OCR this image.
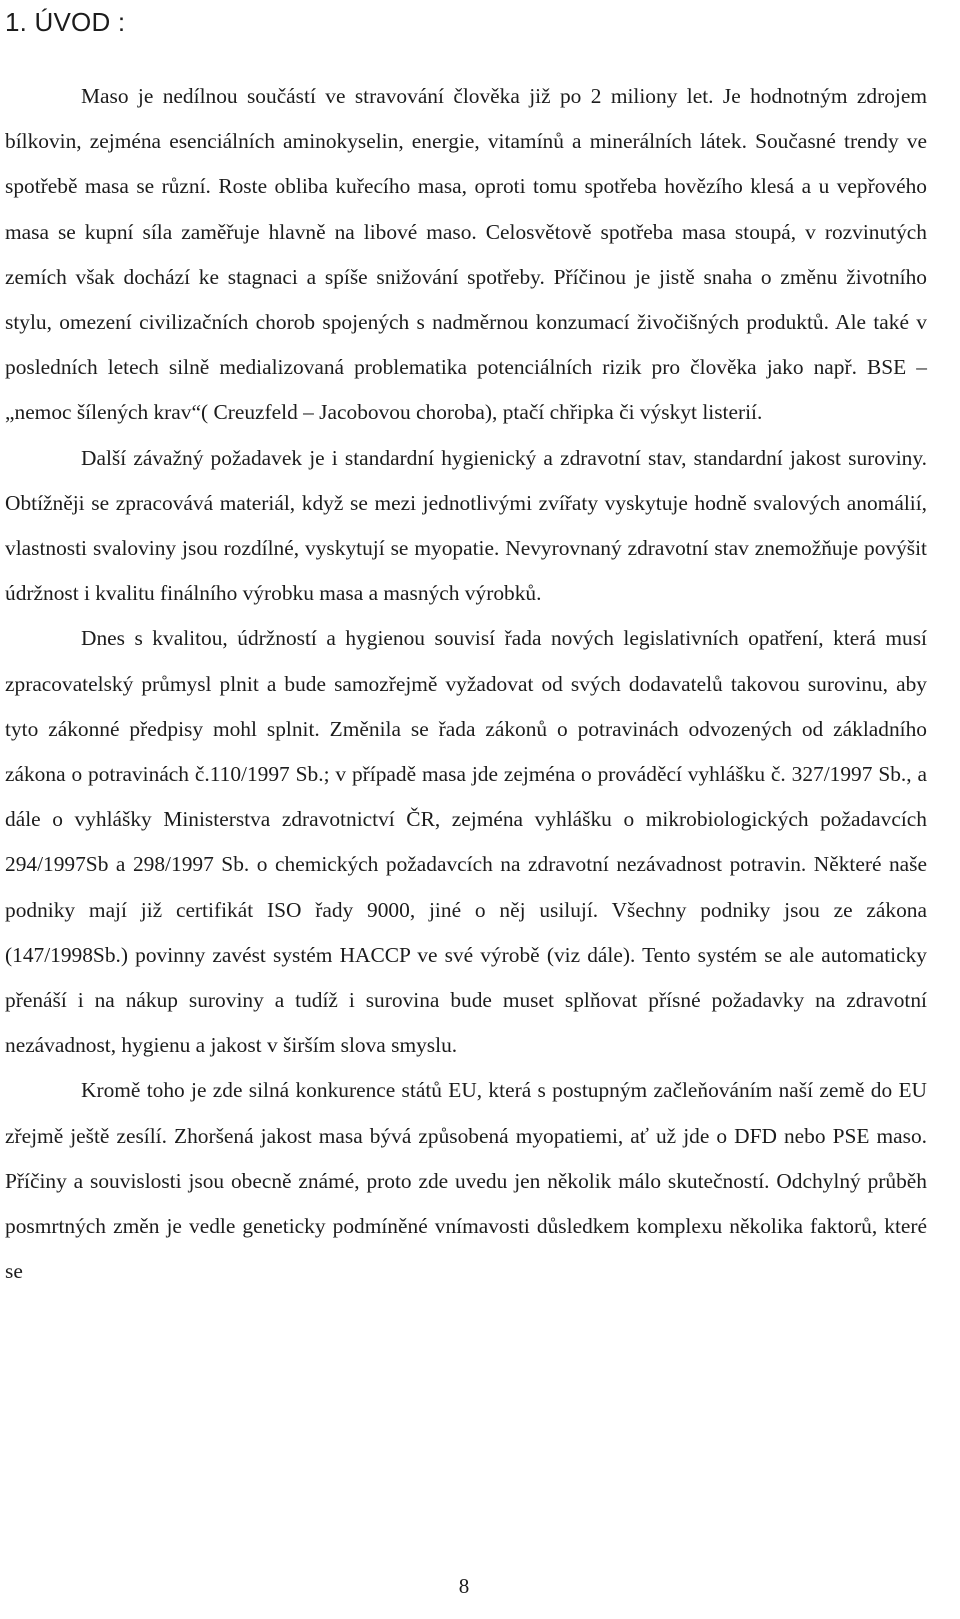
1. ÚVOD :

Maso je nedílnou součástí ve stravování člověka již po 2 miliony let. Je hodnotným zdrojem bílkovin, zejména esenciálních aminokyselin, energie, vitamínů a minerálních látek. Současné trendy ve spotřebě masa se různí. Roste obliba kuřecího masa, oproti tomu spotřeba hovězího klesá a u vepřového masa se kupní síla zaměřuje hlavně na libové maso. Celosvětově spotřeba masa stoupá, v rozvinutých zemích však dochází ke stagnaci a spíše snižování spotřeby. Příčinou je jistě snaha o změnu životního stylu, omezení civilizačních chorob spojených s nadměrnou konzumací živočišných produktů. Ale také v posledních letech silně medializovaná problematika potenciálních rizik pro člověka jako např. BSE – „nemoc šílených krav“( Creuzfeld – Jacobovou choroba), ptačí chřipka či výskyt listerií.

Další závažný požadavek je i standardní hygienický a zdravotní stav, standardní jakost suroviny. Obtížněji se zpracovává materiál, když se mezi jednotlivými zvířaty vyskytuje hodně svalových anomálií, vlastnosti svaloviny jsou rozdílné, vyskytují se myopatie. Nevyrovnaný zdravotní stav znemožňuje povýšit údržnost i kvalitu finálního výrobku masa a masných výrobků.

Dnes s kvalitou, údržností a hygienou souvisí řada nových legislativních opatření, která musí zpracovatelský průmysl plnit a bude samozřejmě vyžadovat od svých dodavatelů takovou surovinu, aby tyto zákonné předpisy mohl splnit. Změnila se řada zákonů o potravinách odvozených od základního zákona o potravinách č.110/1997 Sb.; v případě masa jde zejména o prováděcí vyhlášku č. 327/1997 Sb., a dále o vyhlášky Ministerstva zdravotnictví ČR, zejména vyhlášku o mikrobiologických požadavcích 294/1997Sb a 298/1997 Sb. o chemických požadavcích na zdravotní nezávadnost potravin. Některé naše podniky mají již certifikát ISO řady 9000, jiné o něj usilují. Všechny podniky jsou ze zákona (147/1998Sb.) povinny zavést systém HACCP ve své výrobě (viz dále). Tento systém se ale automaticky přenáší i na nákup suroviny a tudíž i surovina bude muset splňovat přísné požadavky na zdravotní nezávadnost, hygienu a jakost v širším slova smyslu.

Kromě toho je zde silná konkurence států EU, která s postupným začleňováním naší země do EU zřejmě ještě zesílí. Zhoršená jakost masa bývá způsobená myopatiemi, ať už jde o DFD nebo PSE maso. Příčiny a souvislosti jsou obecně známé, proto zde uvedu jen několik málo skutečností. Odchylný průběh posmrtných změn je vedle geneticky podmíněné vnímavosti důsledkem komplexu několika faktorů, které se

8
